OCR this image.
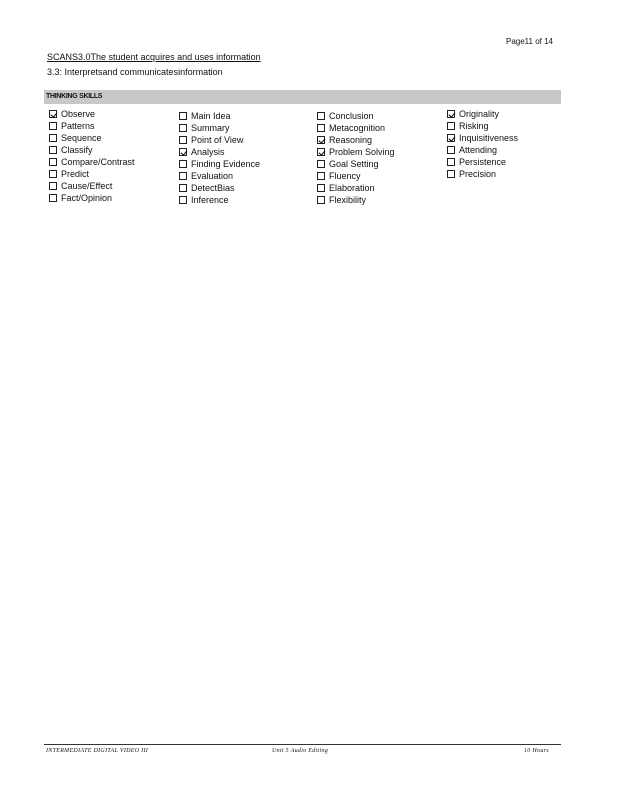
Page11 of 14
SCANS3.0The student acquires and uses information
3.3: Interpretsand communicatesinformation
THINKING SKILLS
Observe
Patterns
Sequence
Classify
Compare/Contrast
Predict
Cause/Effect
Fact/Opinion
Main Idea
Summary
Point of View
Analysis
Finding Evidence
Evaluation
DetectBias
Inference
Conclusion
Metacognition
Reasoning
Problem Solving
Goal Setting
Fluency
Elaboration
Flexibility
Originality
Risking
Inquisitiveness
Attending
Persistence
Precision
INTERMEDIATE DIGITAL VIDEO III	Unit 5 Audio Editing	10 Hours
